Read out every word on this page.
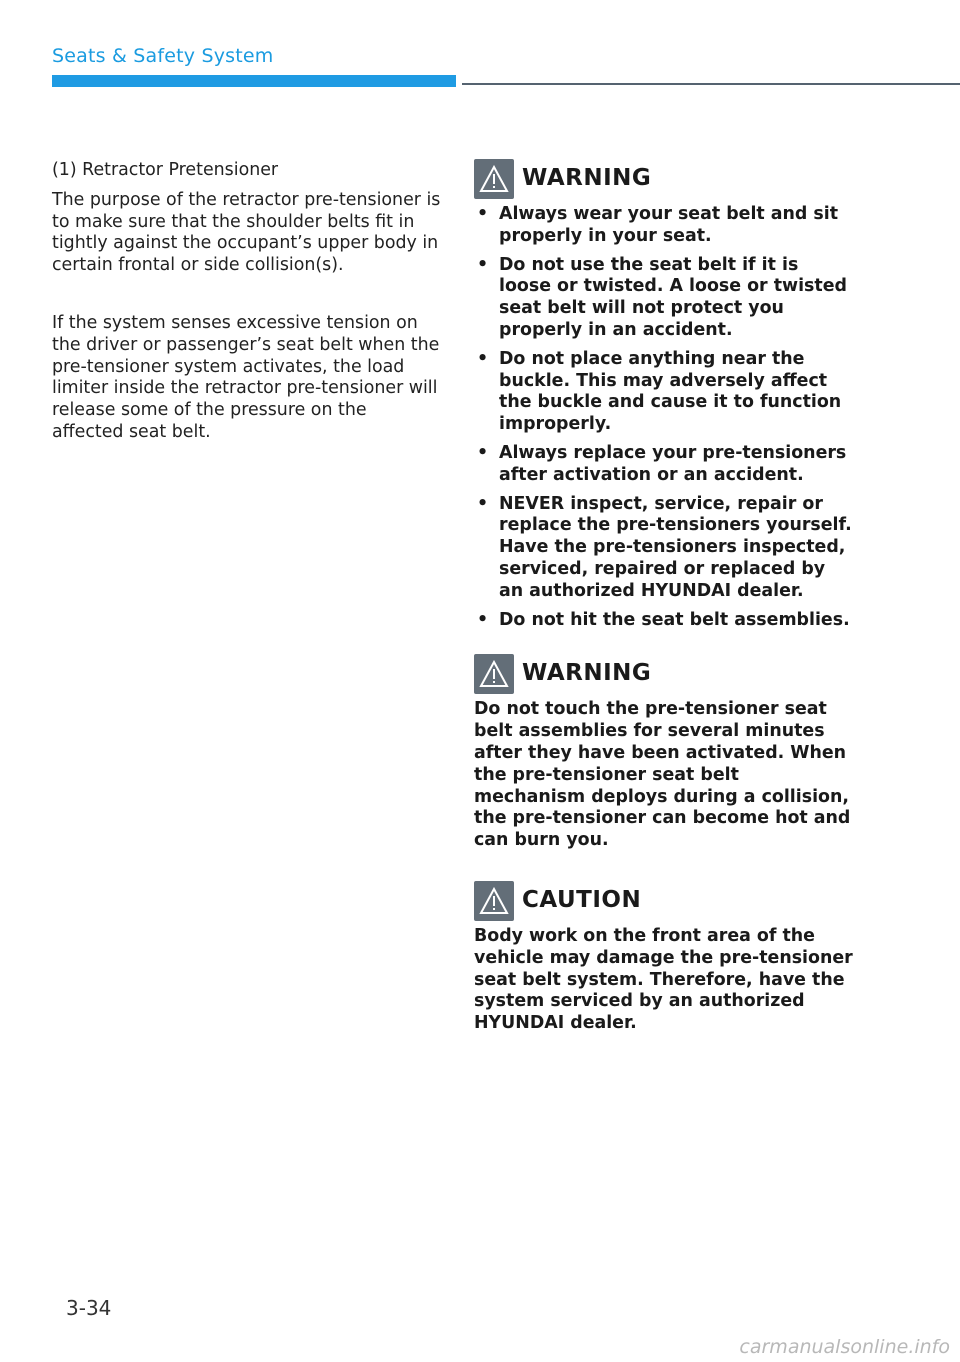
Seats & Safety System

(1) Retractor Pretensioner

The purpose of the retractor pre-tensioner is to make sure that the shoulder belts fit in tightly against the occupant’s upper body in certain frontal or side collision(s).

If the system senses excessive tension on the driver or passenger’s seat belt when the pre-tensioner system activates, the load limiter inside the retractor pre-tensioner will release some of the pressure on the affected seat belt.

WARNING
• Always wear your seat belt and sit properly in your seat.
• Do not use the seat belt if it is loose or twisted. A loose or twisted seat belt will not protect you properly in an accident.
• Do not place anything near the buckle. This may adversely affect the buckle and cause it to function improperly.
• Always replace your pre-tensioners after activation or an accident.
• NEVER inspect, service, repair or replace the pre-tensioners yourself. Have the pre-tensioners inspected, serviced, repaired or replaced by an authorized HYUNDAI dealer.
• Do not hit the seat belt assemblies.
WARNING

Do not touch the pre-tensioner seat belt assemblies for several minutes after they have been activated. When the pre-tensioner seat belt mechanism deploys during a collision, the pre-tensioner can become hot and can burn you.

CAUTION

Body work on the front area of the vehicle may damage the pre-tensioner seat belt system. Therefore, have the system serviced by an authorized HYUNDAI dealer.

3-34
carmanualsonline.info
